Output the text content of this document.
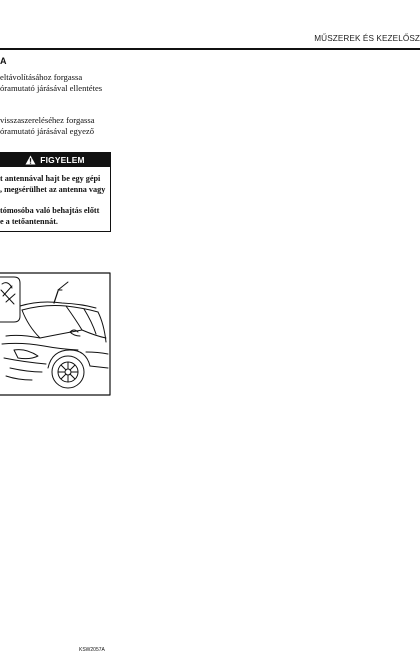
MŰSZEREK ÉS KEZELŐSZ
A
eltávolításához forgassa
óramutató járásával ellentétes
visszaszereléséhez forgassa
óramutató járásával egyező
FIGYELEM
t antennával hajt be egy gépi
, megsérülhet az antenna vagy
tómosóba való behajtás előtt
e a tetőantennát.
KSW2057A
